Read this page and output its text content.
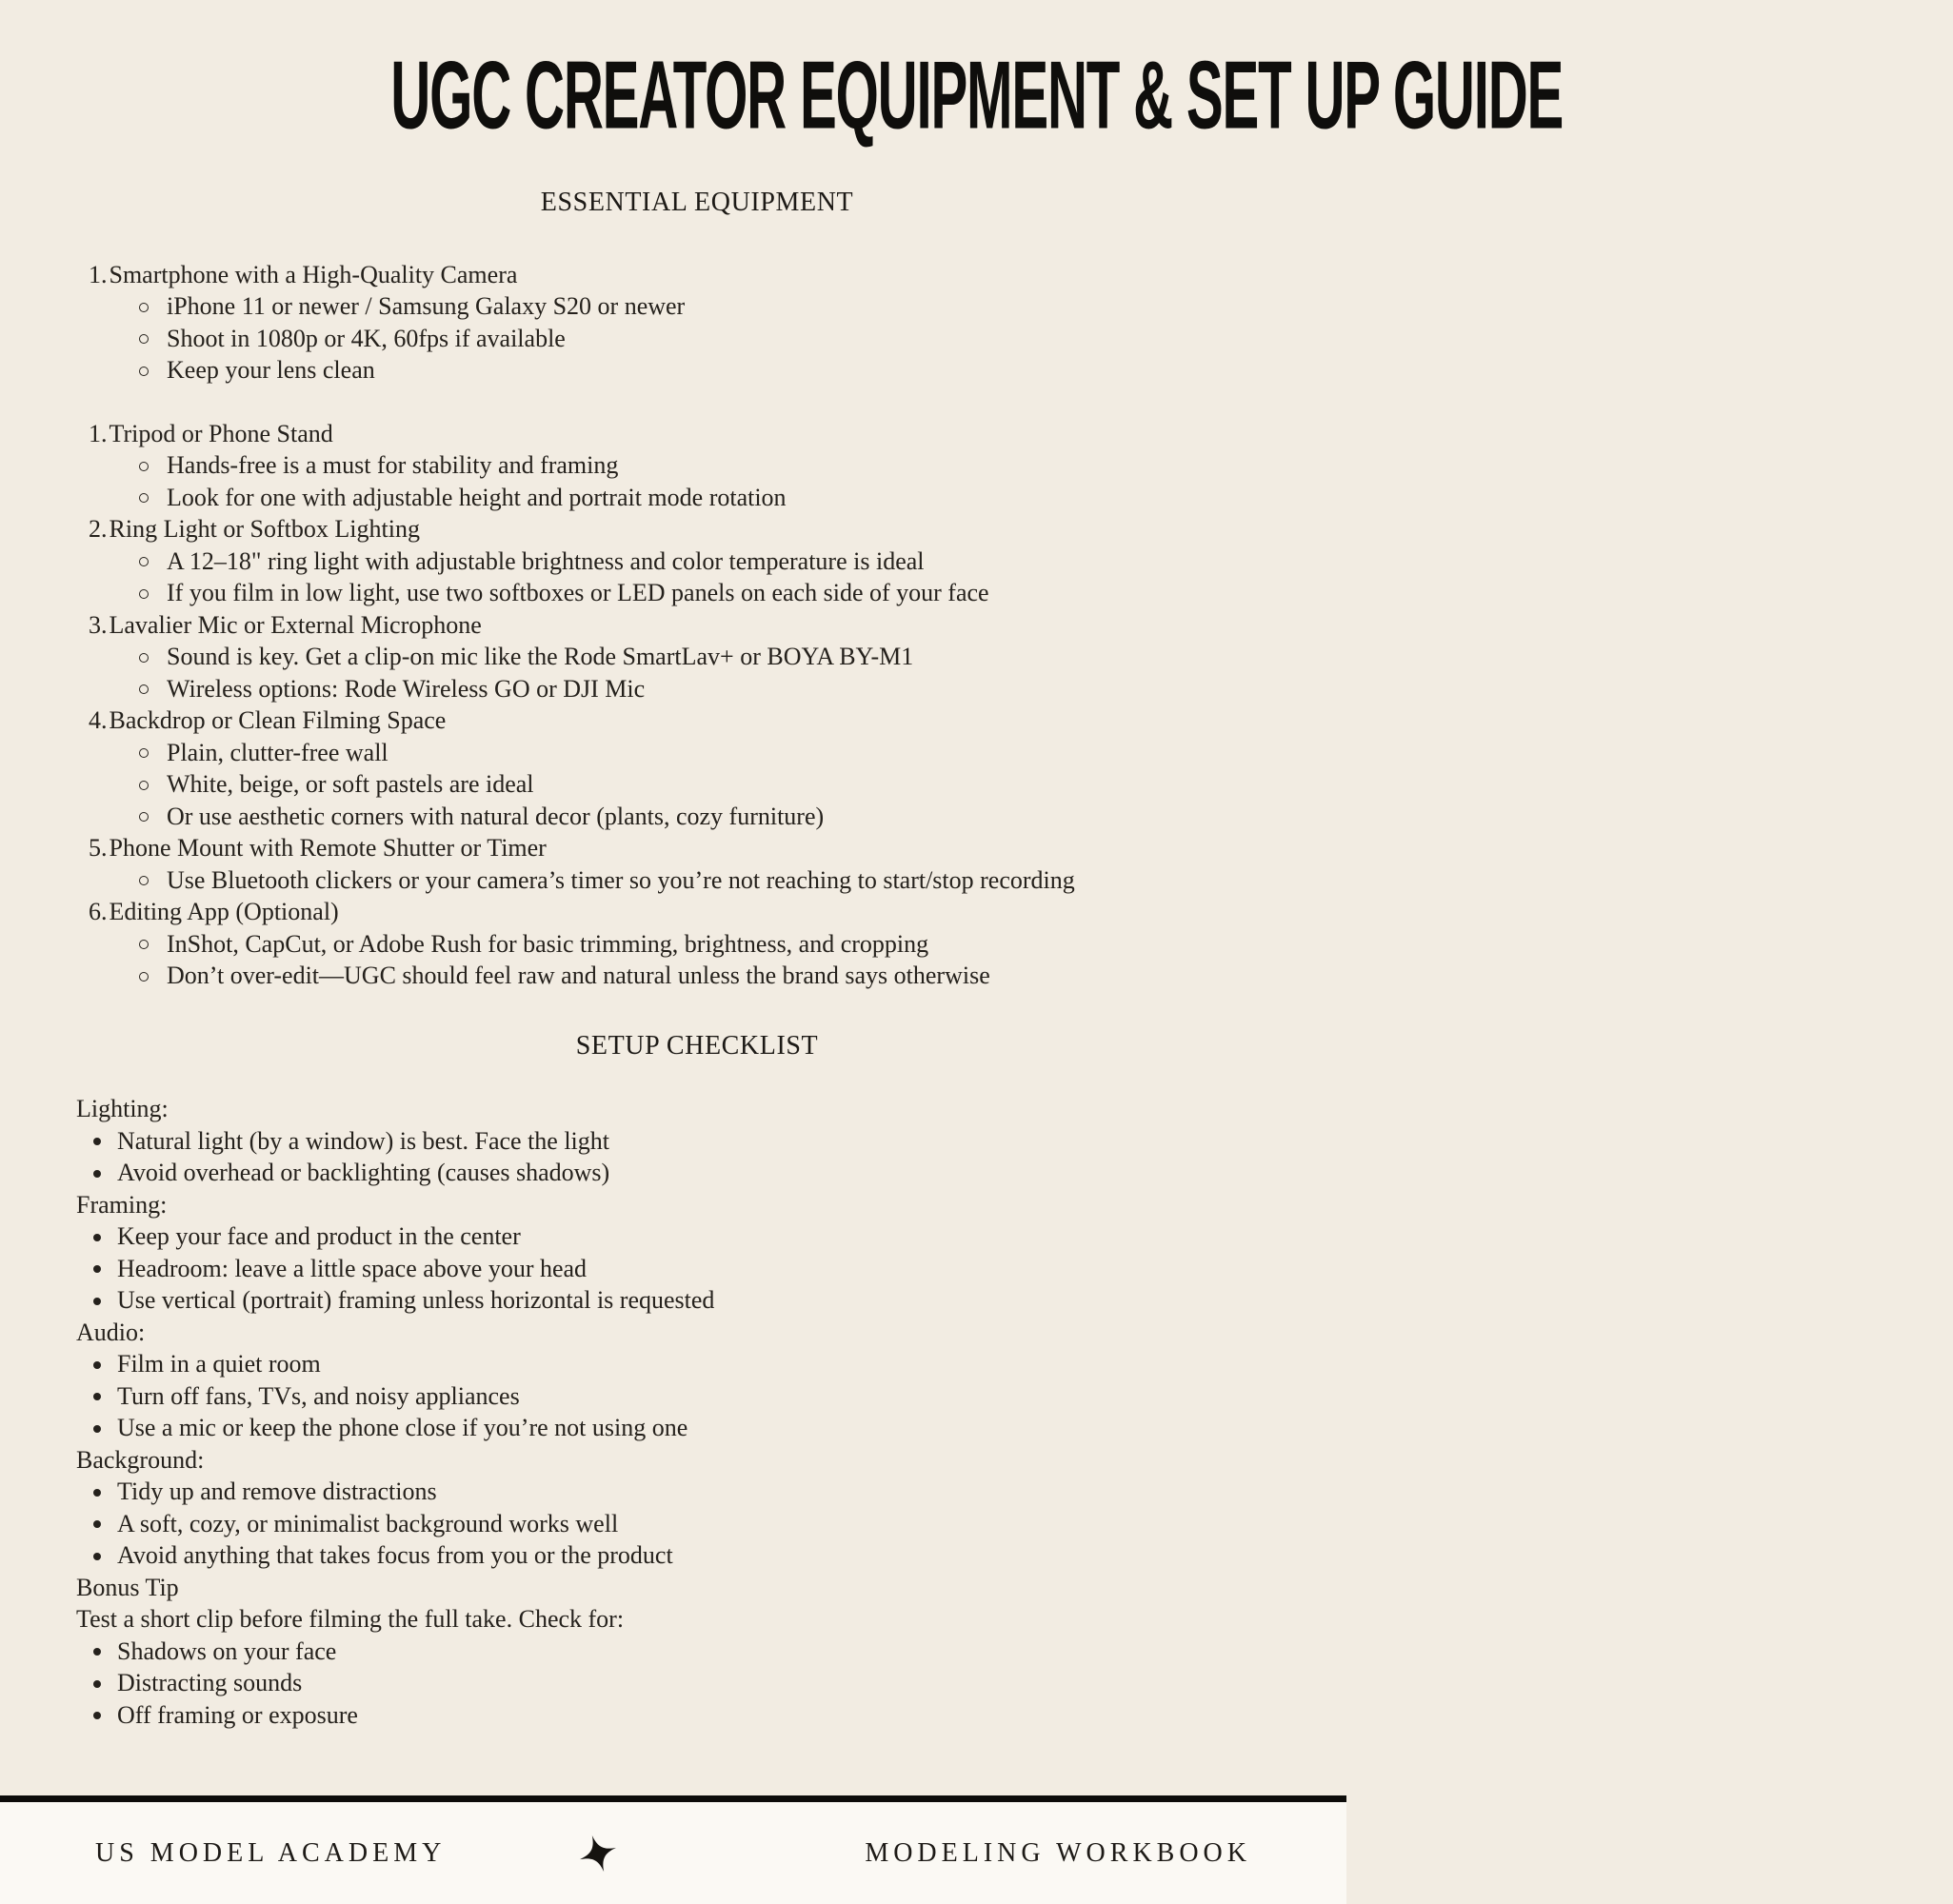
UGC CREATOR EQUIPMENT & SET UP GUIDE
ESSENTIAL EQUIPMENT
1.Smartphone with a High-Quality Camera
iPhone 11 or newer / Samsung Galaxy S20 or newer
Shoot in 1080p or 4K, 60fps if available
Keep your lens clean
1.Tripod or Phone Stand
Hands-free is a must for stability and framing
Look for one with adjustable height and portrait mode rotation
2.Ring Light or Softbox Lighting
A 12–18" ring light with adjustable brightness and color temperature is ideal
If you film in low light, use two softboxes or LED panels on each side of your face
3.Lavalier Mic or External Microphone
Sound is key. Get a clip-on mic like the Rode SmartLav+ or BOYA BY-M1
Wireless options: Rode Wireless GO or DJI Mic
4.Backdrop or Clean Filming Space
Plain, clutter-free wall
White, beige, or soft pastels are ideal
Or use aesthetic corners with natural decor (plants, cozy furniture)
5.Phone Mount with Remote Shutter or Timer
Use Bluetooth clickers or your camera’s timer so you’re not reaching to start/stop recording
6.Editing App (Optional)
InShot, CapCut, or Adobe Rush for basic trimming, brightness, and cropping
Don’t over-edit—UGC should feel raw and natural unless the brand says otherwise
SETUP CHECKLIST
Lighting:
Natural light (by a window) is best. Face the light
Avoid overhead or backlighting (causes shadows)
Framing:
Keep your face and product in the center
Headroom: leave a little space above your head
Use vertical (portrait) framing unless horizontal is requested
Audio:
Film in a quiet room
Turn off fans, TVs, and noisy appliances
Use a mic or keep the phone close if you’re not using one
Background:
Tidy up and remove distractions
A soft, cozy, or minimalist background works well
Avoid anything that takes focus from you or the product
Bonus Tip
Test a short clip before filming the full take. Check for:
Shadows on your face
Distracting sounds
Off framing or exposure
US MODEL ACADEMY	MODELING WORKBOOK
